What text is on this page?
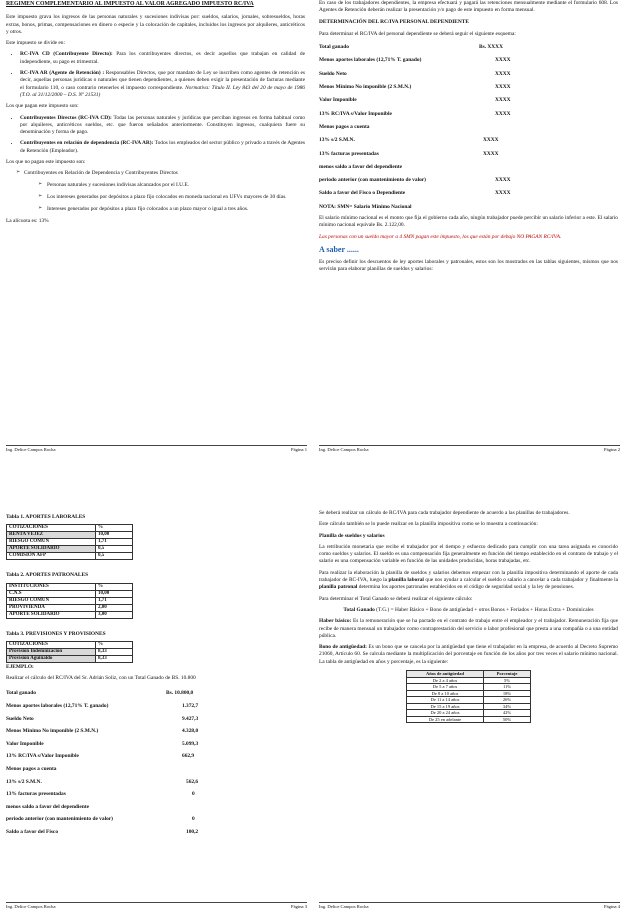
REGIMEN COMPLEMENTARIO AL IMPUESTO AL VALOR AGREGADO IMPUESTO RC/IVA

Este impuesto grava los ingresos de las personas naturales y sucesiones indivisas por: sueldos, salarios, jornales, sobresueldos, horas extras, bonos, primas, compensaciones en dinero o especie y la colocación de capitales, incluidos los ingresos por alquileres, anticréticos y otros.

Este impuesto se divide en:

• RC-IVA CD (Contribuyente Directo): Para los contribuyentes directos, es decir aquellos que trabajan en calidad de independiente, su pago es trimestral.
• RC-IVA AR (Agente de Retención) : Responsables Directos, que por mandato de Ley se inscriben como agentes de retención es decir, aquellas personas jurídicas o naturales que tienen dependientes, a quienes deben exigir la presentación de facturas mediante el formulario 110, o caso contrario retenerles el impuesto correspondiente. Normativa: Título II. Ley 843 del 20 de mayo de 1986 (T.O. al 31/12/2000 – D.S. Nº 21531)

Los que pagan este impuesto son:

• Contribuyentes Directos (RC-IVA CD): Todas las personas naturales y jurídicas que perciban ingresos en forma habitual como por alquileres, anticréticos sueldos, etc. que fueron señalados anteriormente. Constituyen ingresos, cualquiera fuere su denominación y forma de pago.
• Contribuyentes en relación de dependencia (RC-IVA AR): Todos los empleados del sector público y privado a través de Agentes de Retención (Empleador).

Los que no pagan este impuesto son:

➢ Contribuyentes en Relación de Dependencia y Contribuyentes Directos
➢ Personas naturales y sucesiones indivisas alcanzados por el I.U.E.
➢ Los intereses generados por depósitos a plazo fijo colocados en moneda nacional en UFVs mayores de 30 días.
➢ Intereses generados por depósitos a plazo fijo colocados a un plazo mayor o igual a tres años.

La alícuota es: 13%

Ing. Delice Campos Rocha	Página 1

En caso de los trabajadores dependientes, la empresa efectuará y pagará las retenciones mensualmente mediante el formulario 608. Los Agentes de Retención deberán realizar la presentación y/o pago de este impuesto en forma mensual.

DETERMINACIÓN DEL RC/IVA PERSONAL DEPENDIENTE

Para determinar el RC/IVA del personal dependiente se deberá seguir el siguiente esquema:

Total ganado	Bs. XXXX
Menos aportes laborales (12,71% T. ganado)	XXXX
Sueldo Neto	XXXX
Menos Mínimo No imponible (2 S.M.N.)	XXXX
Valor Imponible	XXXX
13% RC/IVA s/Valor Imponible	XXXX
Menos pagos a cuenta
13% s/2 S.M.N.	XXXX
13% facturas presentadas	XXXX
menos saldo a favor del dependiente
periodo anterior (con mantenimiento de valor)	XXXX
Saldo a favor del Fisco o Dependiente	XXXX

NOTA: SMN= Salario Mínimo Nacional

El salario mínimo nacional es el monto que fija el gobierno cada año, ningún trabajador puede percibir un salario inferior a este. El salario mínimo nacional equivale Bs. 2.122,00.

Las personas con un sueldo mayor a 4 SMN pagan este impuesto, los que están por debajo NO PAGAN RC/IVA.

A saber ......

Es preciso definir los descuentos de ley aportes laborales y patronales, estos son los mostrados en las tablas siguientes, mismos que nos servirán para elaborar planillas de sueldos y salarios:

Ing. Delice Campos Rocha	Página 2
Tabla 1. APORTES LABORALES
COTIZACIONES	%
RENTA VEJEZ	10,00
RIESGO COMUN	1,71
APORTE SOLIDARIO	0,5
COMISIÓN AFP	0,5
Tabla 2. APORTES PATRONALES
INSTITUCIONES	%
C.N.S	10,00
RIESGO COMUN	1,71
PROVIVIENDA	2,00
APORTE SOLIDARIO	3,00
Tabla 3. PREVISIONES Y PROVISIONES
COTIZACIONES	%
Provisión Indemnización	8,33
Provisión Aguinaldo	8,33

EJEMPLO:

Realizar el cálculo del RC/IVA del Sr. Adrián Soliz, con un Total Ganado de BS. 10.800

Total ganado	Bs. 10.800,0
Menos aportes laborales (12,71% T. ganado)	1.372,7
Sueldo Neto	9.427,3
Menos Mínimo No imponible (2 S.M.N.)	4.328,0
Valor Imponible	5.099,3
13% RC/IVA s/Valor Imponible	662,9
Menos pagos a cuenta
13% s/2 S.M.N.	562,6
13% facturas presentadas	0
menos saldo a favor del dependiente
periodo anterior (con mantenimiento de valor)	0
Saldo a favor del Fisco	100,2
Ing. Delice Campos Rocha	Página 3

Se deberá realizar un cálculo de RC/IVA para cada trabajador dependiente de acuerdo a las planillas de trabajadores.

Este cálculo también se lo puede realizar en la planilla impositiva como se lo muestra a continuación:

Planilla de sueldos y salarios

La retribución monetaria que recibe el trabajador por el tiempo y esfuerzo dedicado para cumplir con una tarea asignada es conocido como sueldos y salarios. El sueldo es una compensación fija generalmente en función del tiempo establecido en el contrato de trabajo y el salario es una compensación variable en función de las unidades producidas, horas trabajadas, etc.

Para realizar la elaboración la planilla de sueldos y salarios debemos empezar con la planilla impositiva determinando el aporte de cada trabajador de RC-IVA, luego la planilla laboral que nos ayudar a calcular el sueldo o salario a cancelar a cada trabajador y finalmente la planilla patronal determina los aportes patronales establecidos en el código de seguridad social y la ley de pensiones.

Para determinar el Total Ganado se deberá realizar el siguiente cálculo:

Total Ganado (T.G.) = Haber Básico + Bono de antigüedad + otros Bonos + Feriados + Horas Extra + Dominicales

Haber básico: Es la remuneración que se ha pactado en el contrato de trabajo entre el empleador y el trabajador. Remuneración fija que recibe de manera mensual un trabajador como contraprestación del servicio o labor profesional que presta a una compañía o a una entidad pública.

Bono de antigüedad: Es un bono que se cancela por la antigüedad que tiene el trabajador en la empresa, de acuerdo al Decreto Supremo 21060, Artículo 60. Se calcula mediante la multiplicación del porcentaje en función de los años por tres veces el salario mínimo nacional. La tabla de antigüedad en años y porcentaje, es la siguiente:

Años de antigüedad	Porcentaje
De 2 a 4 años	5%
De 5 a 7 años	11%
De 8 a 10 años	18%
De 11 a 14 años	26%
De 15 a 19 años	34%
De 20 a 24 años	42%
De 25 en adelante	50%
Ing. Delice Campos Rocha	Página 4
